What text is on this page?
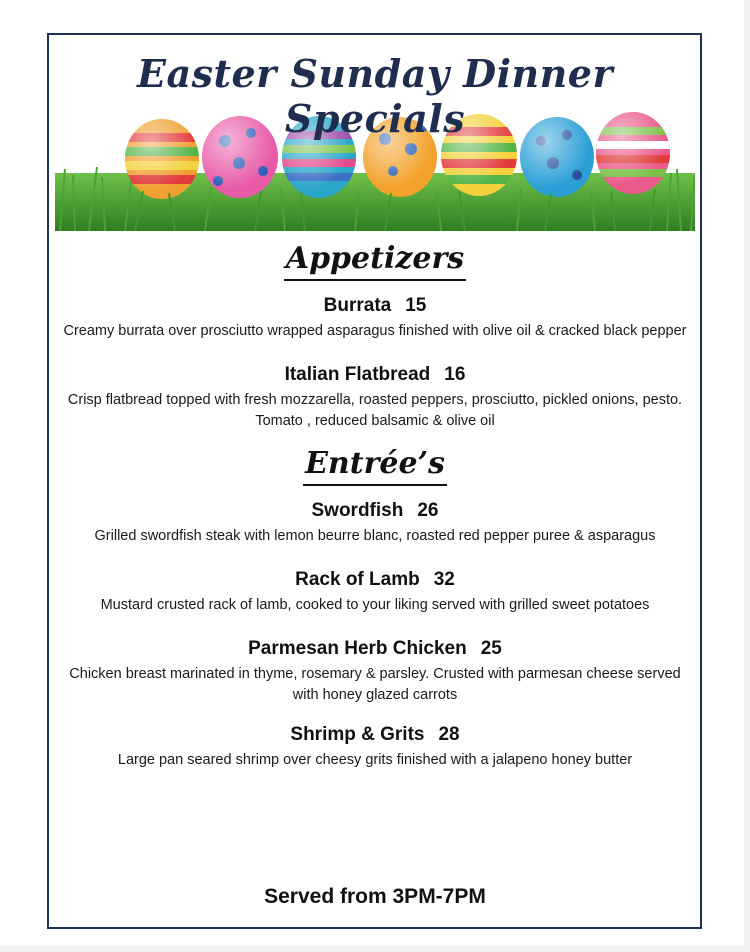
Easter Sunday Dinner Specials
Appetizers
Burrata 15
Creamy burrata over prosciutto wrapped asparagus finished with olive oil & cracked black pepper
Italian Flatbread 16
Crisp flatbread topped with fresh mozzarella, roasted peppers, prosciutto, pickled onions, pesto. Tomato , reduced balsamic & olive oil
Entrée’s
Swordfish 26
Grilled swordfish steak with lemon beurre blanc, roasted red pepper puree & asparagus
Rack of Lamb 32
Mustard crusted rack of lamb, cooked to your liking served with grilled sweet potatoes
Parmesan Herb Chicken 25
Chicken breast marinated in thyme, rosemary & parsley. Crusted with parmesan cheese served with honey glazed carrots
Shrimp & Grits 28
Large pan seared shrimp over cheesy grits finished with a jalapeno honey butter
Served from 3PM-7PM
